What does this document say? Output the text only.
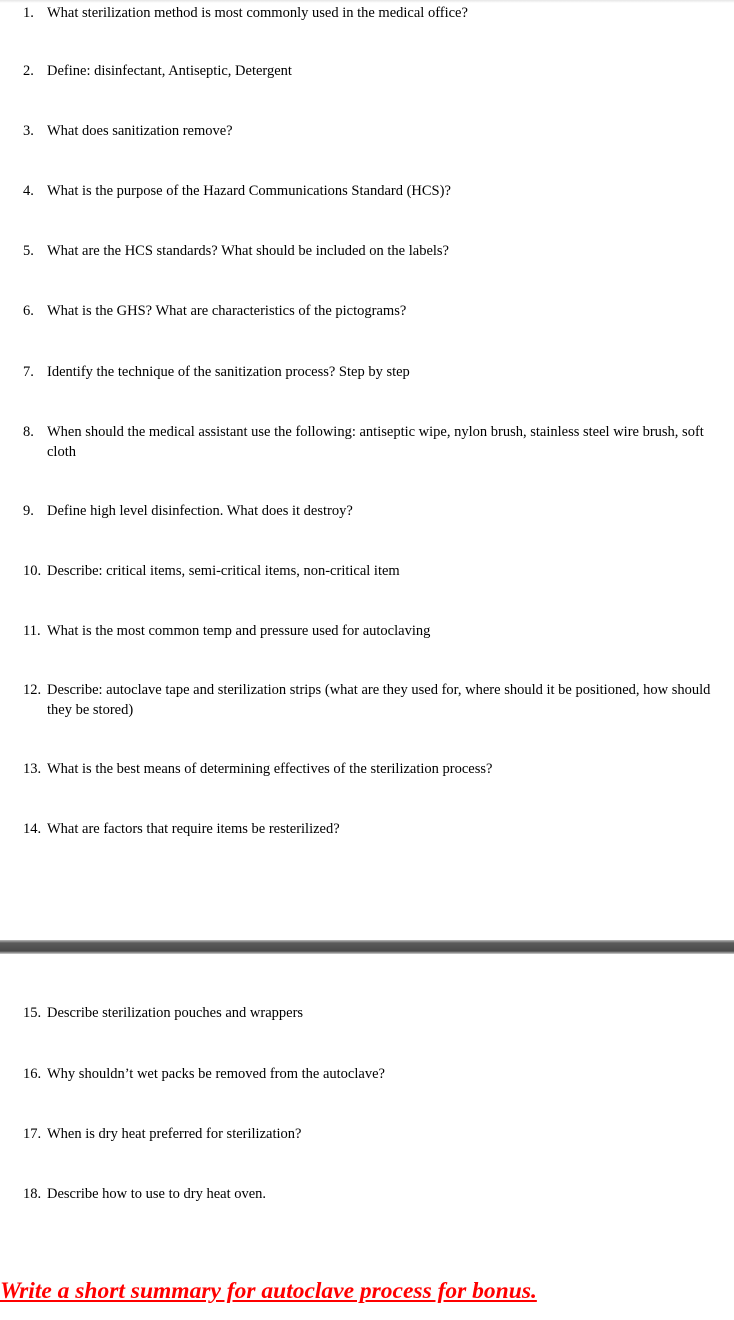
1. What sterilization method is most commonly used in the medical office?
2. Define: disinfectant, Antiseptic, Detergent
3. What does sanitization remove?
4. What is the purpose of the Hazard Communications Standard (HCS)?
5. What are the HCS standards? What should be included on the labels?
6. What is the GHS? What are characteristics of the pictograms?
7. Identify the technique of the sanitization process? Step by step
8. When should the medical assistant use the following: antiseptic wipe, nylon brush, stainless steel wire brush, soft cloth
9. Define high level disinfection. What does it destroy?
10. Describe: critical items, semi-critical items, non-critical item
11. What is the most common temp and pressure used for autoclaving
12. Describe: autoclave tape and sterilization strips (what are they used for, where should it be positioned, how should they be stored)
13. What is the best means of determining effectives of the sterilization process?
14. What are factors that require items be resterilized?
15. Describe sterilization pouches and wrappers
16. Why shouldn’t wet packs be removed from the autoclave?
17. When is dry heat preferred for sterilization?
18. Describe how to use to dry heat oven.
Write a short summary for autoclave process for bonus.
